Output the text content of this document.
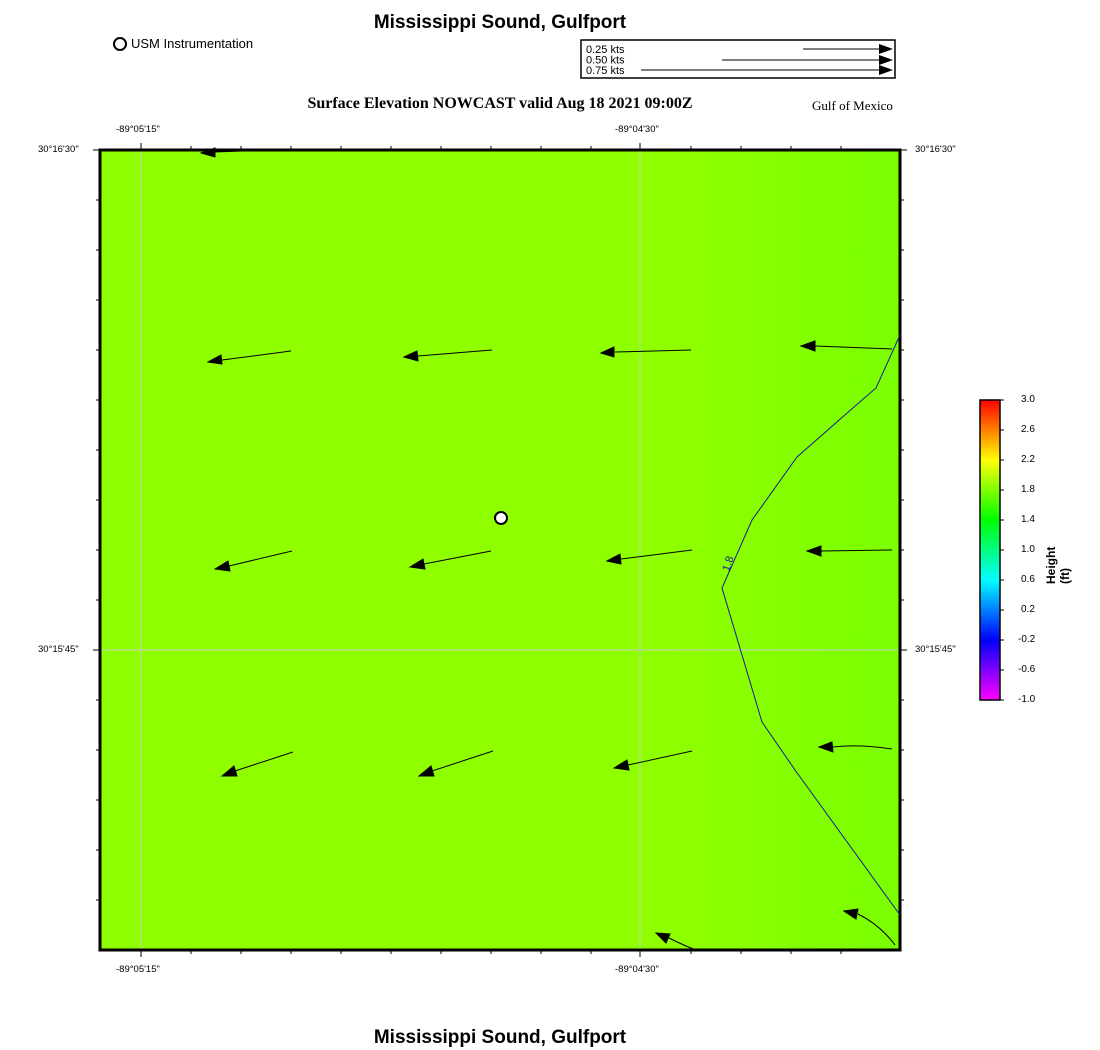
Mississippi Sound, Gulfport
Surface Elevation NOWCAST valid Aug 18 2021 09:00Z	Gulf of Mexico
Mississippi Sound, Gulfport
USM Instrumentation	0.25 kts
0.50 kts
0.75 kts
1.8
-89°05'15"	-89°04'30"
-89°05'15"	-89°04'30"
30°16'30"
30°15'45"
30°16'30"
30°15'45"
3.0
2.6
2.2
1.8
1.4
1.0
0.6
0.2
-0.2
-0.6
-1.0
Height (ft)
